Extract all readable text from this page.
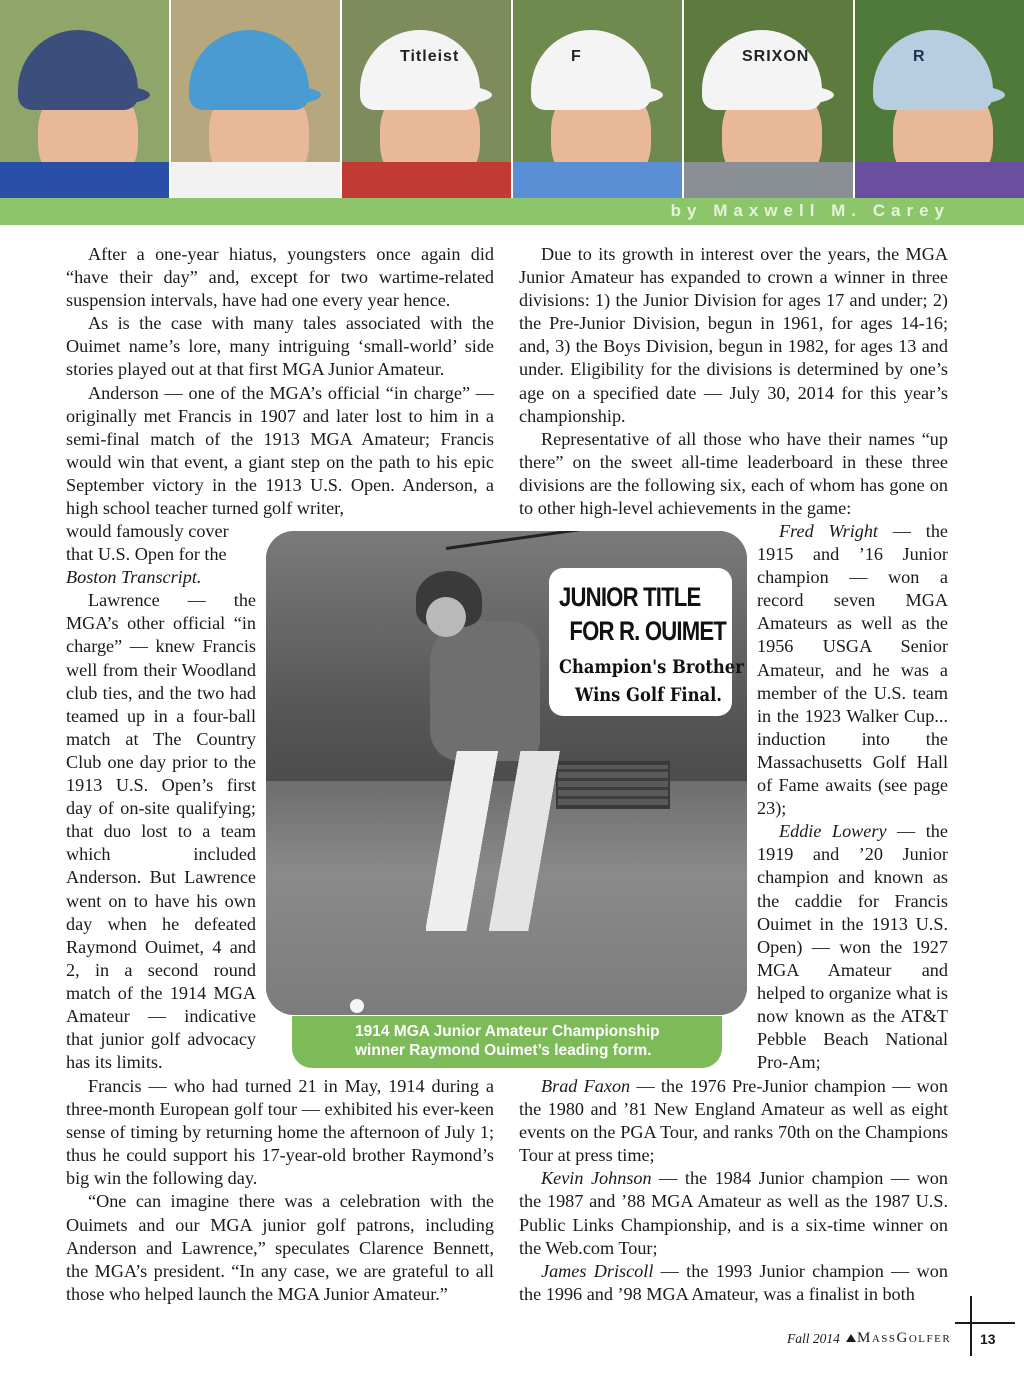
Titleist	F	SRIXON	R
by Maxwell M. Carey

After a one-year hiatus, youngsters once again did “have their day” and, except for two wartime-related suspension intervals, have had one every year hence.

As is the case with many tales associated with the Ouimet name’s lore, many intriguing ‘small-world’ side stories played out at that first MGA Junior Amateur.

Anderson — one of the MGA’s official “in charge” — originally met Francis in 1907 and later lost to him in a semi-final match of the 1913 MGA Amateur; Francis would win that event, a giant step on the path to his epic September victory in the 1913 U.S. Open. Anderson, a high school teacher turned golf writer,

would famously cover
that U.S. Open for the
Boston Transcript.

Lawrence — the MGA’s other official “in charge” — knew Francis well from their Woodland club ties, and the two had teamed up in a four-ball match at The Country Club one day prior to the 1913 U.S. Open’s first day of on-site qualifying; that duo lost to a team which included Anderson. But Lawrence went on to have his own day when he defeated Raymond Ouimet, 4 and 2, in a second round match of the 1914 MGA Amateur — indicative that junior golf advocacy has its limits.

Francis — who had turned 21 in May, 1914 during a three-month European golf tour — exhibited his ever-keen sense of timing by returning home the afternoon of July 1; thus he could support his 17-year-old brother Raymond’s big win the following day.

“One can imagine there was a celebration with the Ouimets and our MGA junior golf patrons, including Anderson and Lawrence,” speculates Clarence Bennett, the MGA’s president. “In any case, we are grateful to all those who helped launch the MGA Junior Amateur.”

Due to its growth in interest over the years, the MGA Junior Amateur has expanded to crown a winner in three divisions: 1) the Junior Division for ages 17 and under; 2) the Pre-Junior Division, begun in 1961, for ages 14-16; and, 3) the Boys Division, begun in 1982, for ages 13 and under. Eligibility for the divisions is determined by one’s age on a specified date — July 30, 2014 for this year’s championship.

Representative of all those who have their names “up there” on the sweet all-time leaderboard in these three divisions are the following six, each of whom has gone on to other high-level achievements in the game:

Fred Wright — the 1915 and ’16 Junior champion — won a record seven MGA Amateurs as well as the 1956 USGA Senior Amateur, and he was a member of the U.S. team in the 1923 Walker Cup... induction into the Massachusetts Golf Hall of Fame awaits (see page 23);

Eddie Lowery — the 1919 and ’20 Junior champion and known as the caddie for Francis Ouimet in the 1913 U.S. Open) — won the 1927 MGA Amateur and helped to organize what is now known as the AT&T Pebble Beach National Pro-Am;

Brad Faxon — the 1976 Pre-Junior champion — won the 1980 and ’81 New England Amateur as well as eight events on the PGA Tour, and ranks 70th on the Champions Tour at press time;

Kevin Johnson — the 1984 Junior champion — won the 1987 and ’88 MGA Amateur as well as the 1987 U.S. Public Links Championship, and is a six-time winner on the Web.com Tour;

James Driscoll — the 1993 Junior champion — won the 1996 and ’98 MGA Amateur, was a finalist in both

JUNIOR TITLE
FOR R. OUIMET
Champion's Brother
Wins Golf Final.
1914 MGA Junior Amateur Championship
winner Raymond Ouimet’s leading form.
Fall 2014 MassGolfer 13
